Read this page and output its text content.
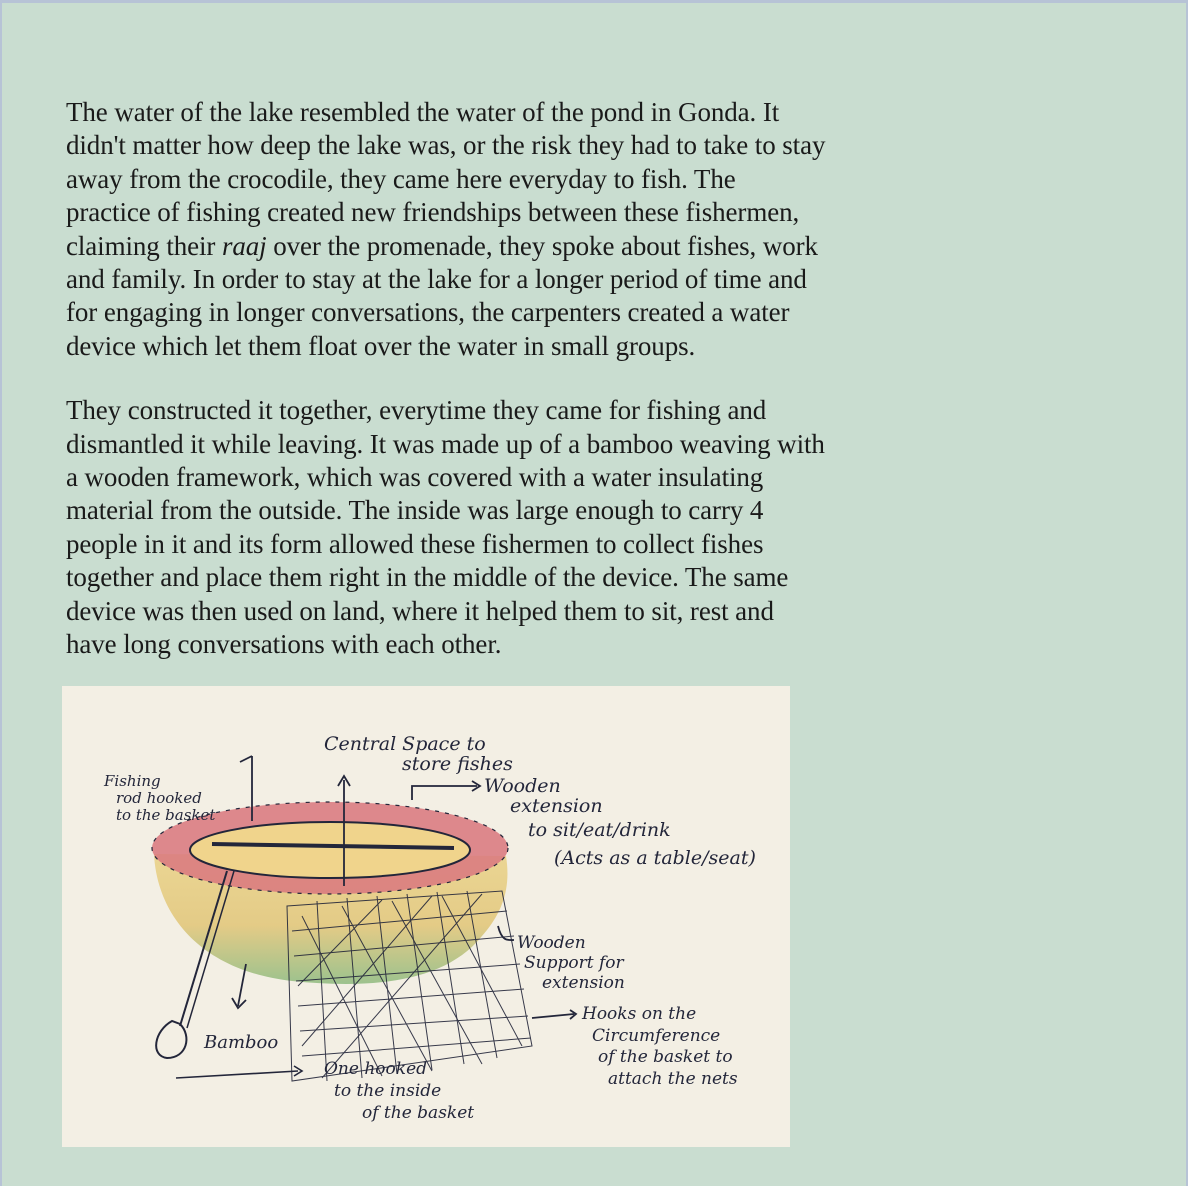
The water of the lake resembled the water of the pond in Gonda. It didn't matter how deep the lake was, or the risk they had to take to stay away from the crocodile, they came here everyday to fish. The practice of fishing created new friendships between these fishermen, claiming their raaj over the promenade, they spoke about fishes, work and family. In order to stay at the lake for a longer period of time and for engaging in longer conversations, the carpenters created a water device which let them float over the water in small groups.

They constructed it together, everytime they came for fishing and dismantled it while leaving. It was made up of a bamboo weaving with a wooden framework, which was covered with a water insulating material from the outside. The inside was large enough to carry 4 people in it and its form allowed these fishermen to collect fishes together and place them right in the middle of the device. The same device was then used on land, where it helped them to sit, rest and have long conversations with each other.

Central Space to store fishes
Fishing rod hooked to the basket
Wooden extension to sit/eat/drink (Acts as a table/seat)
Wooden Support for extension
Hooks on the Circumference of the basket to attach the nets
Bamboo
One hooked to the inside of the basket
